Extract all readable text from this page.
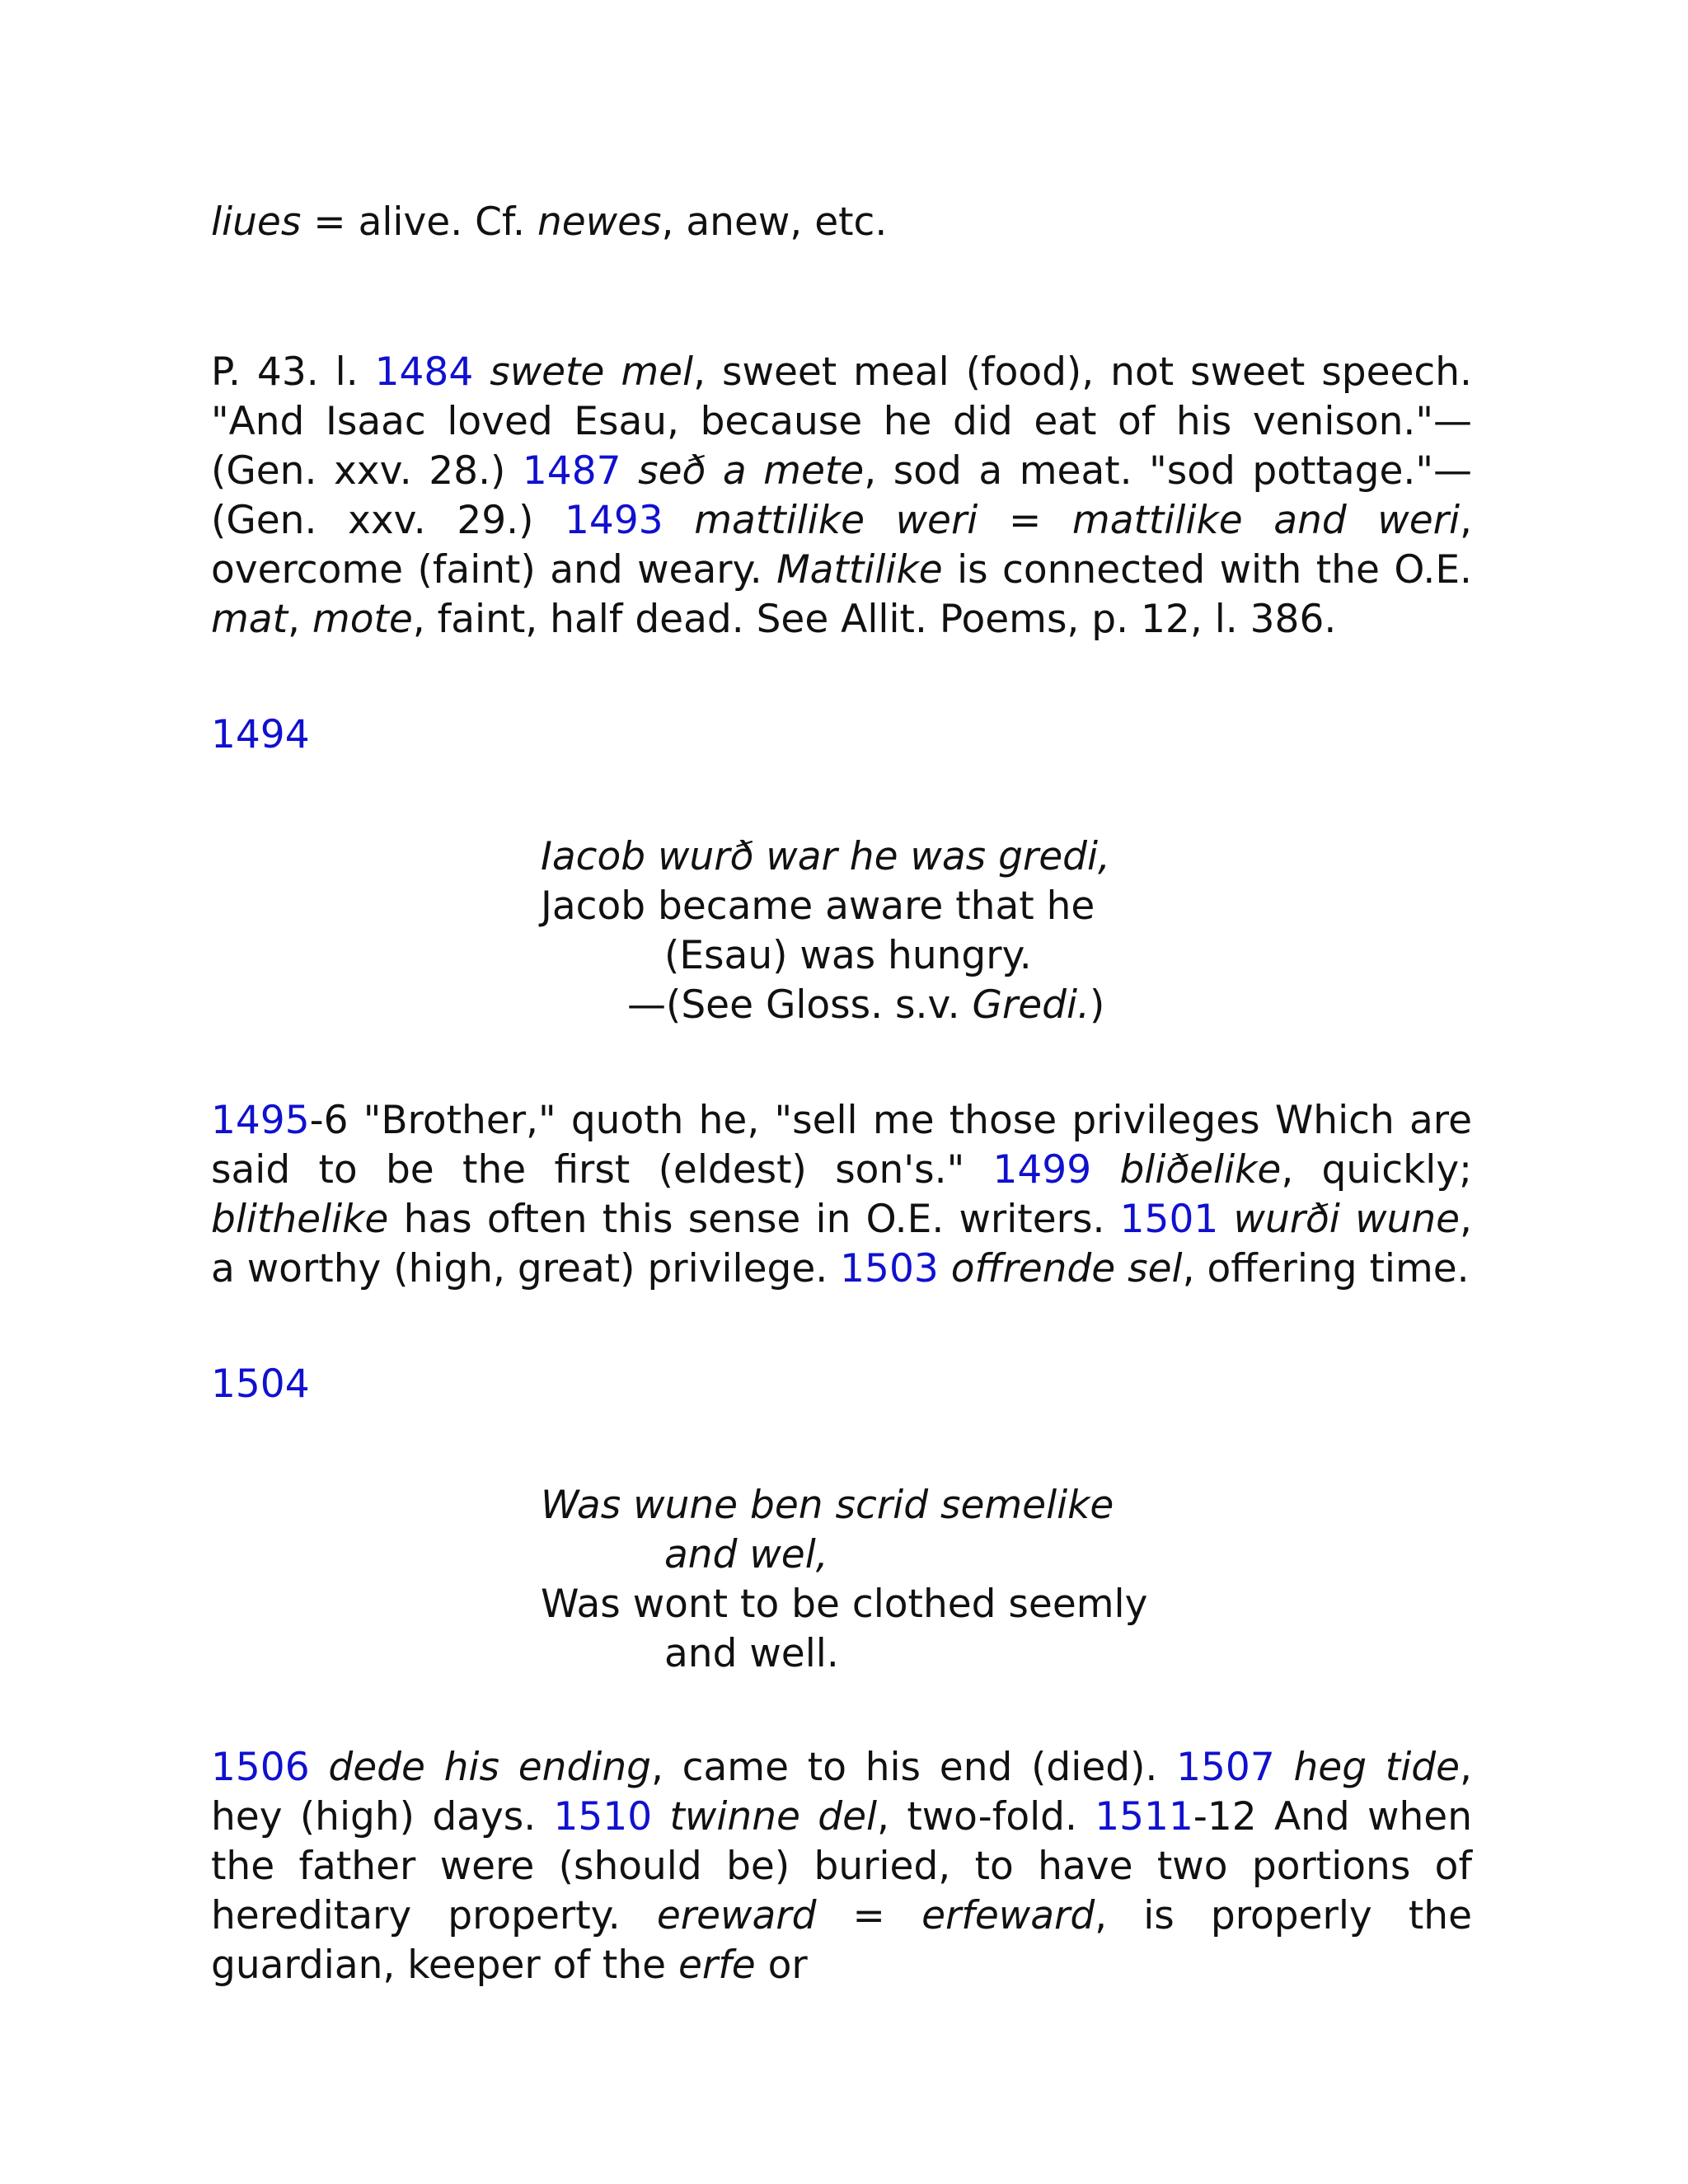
liues = alive. Cf. newes, anew, etc.

P. 43. l. 1484 swete mel, sweet meal (food), not sweet speech. "And Isaac loved Esau, because he did eat of his venison."—(Gen. xxv. 28.) 1487 seð a mete, sod a meat. "sod pottage."—(Gen. xxv. 29.) 1493 mattilike weri = mattilike and weri, overcome (faint) and weary. Mattilike is connected with the O.E. mat, mote, faint, half dead. See Allit. Poems, p. 12, l. 386.

1494

Iacob wurð war he was gredi,
Jacob became aware that he
(Esau) was hungry.
—(See Gloss. s.v. Gredi.)

1495-6 "Brother," quoth he, "sell me those privileges Which are said to be the first (eldest) son's." 1499 bliðelike, quickly; blithelike has often this sense in O.E. writers. 1501 wurði wune, a worthy (high, great) privilege. 1503 offrende sel, offering time.

1504

Was wune ben scrid semelike
and wel,
Was wont to be clothed seemly
and well.

1506 dede his ending, came to his end (died). 1507 heg tide, hey (high) days. 1510 twinne del, two-fold. 1511-12 And when the father were (should be) buried, to have two portions of hereditary property. ereward = erfeward, is properly the guardian, keeper of the erfe or
